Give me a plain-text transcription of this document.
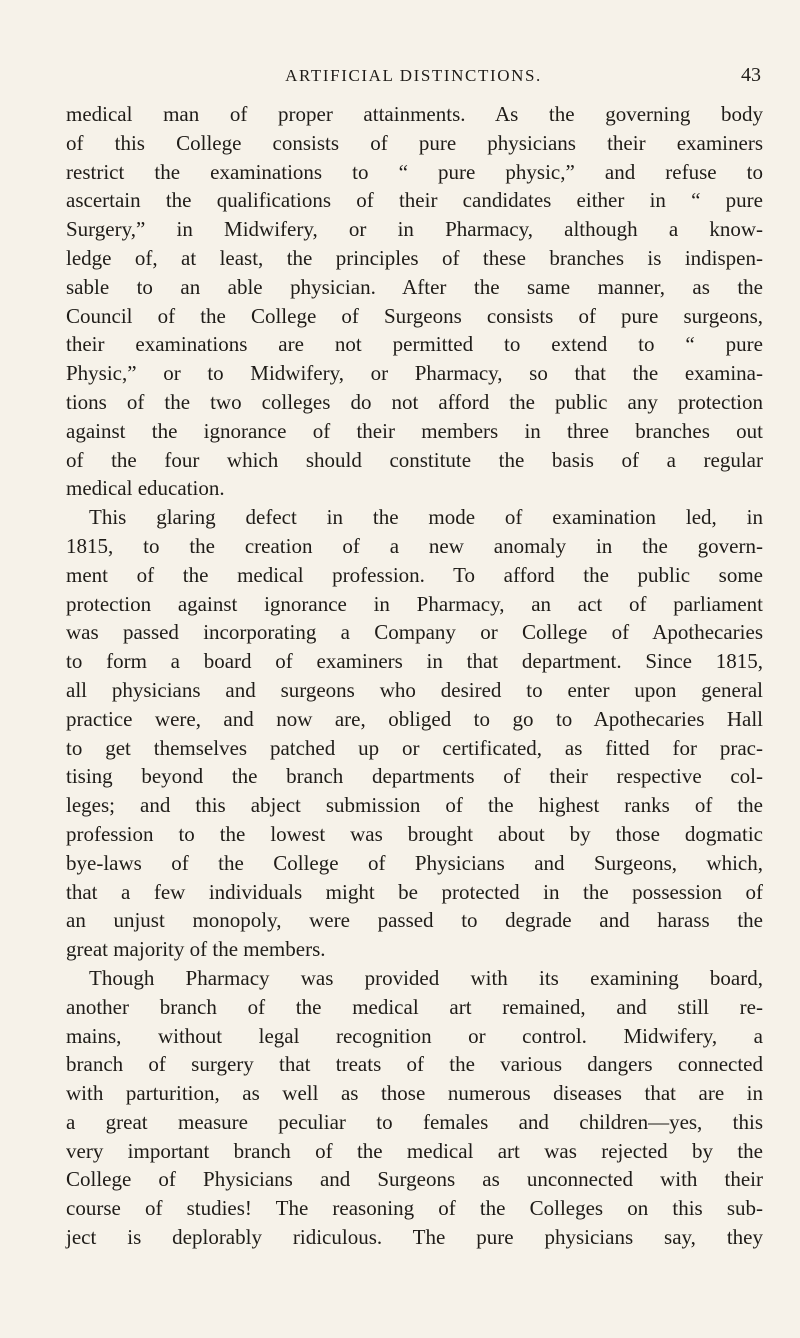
ARTIFICIAL DISTINCTIONS.	43
medical man of proper attainments. As the governing body
of this College consists of pure physicians their examiners
restrict the examinations to “ pure physic,” and refuse to
ascertain the qualifications of their candidates either in “ pure
Surgery,” in Midwifery, or in Pharmacy, although a know-
ledge of, at least, the principles of these branches is indispen-
sable to an able physician. After the same manner, as the
Council of the College of Surgeons consists of pure surgeons,
their examinations are not permitted to extend to “ pure
Physic,” or to Midwifery, or Pharmacy, so that the examina-
tions of the two colleges do not afford the public any protection
against the ignorance of their members in three branches out
of the four which should constitute the basis of a regular
medical education.
This glaring defect in the mode of examination led, in
1815, to the creation of a new anomaly in the govern-
ment of the medical profession. To afford the public some
protection against ignorance in Pharmacy, an act of parliament
was passed incorporating a Company or College of Apothecaries
to form a board of examiners in that department. Since 1815,
all physicians and surgeons who desired to enter upon general
practice were, and now are, obliged to go to Apothecaries Hall
to get themselves patched up or certificated, as fitted for prac-
tising beyond the branch departments of their respective col-
leges; and this abject submission of the highest ranks of the
profession to the lowest was brought about by those dogmatic
bye-laws of the College of Physicians and Surgeons, which,
that a few individuals might be protected in the possession of
an unjust monopoly, were passed to degrade and harass the
great majority of the members.
Though Pharmacy was provided with its examining board,
another branch of the medical art remained, and still re-
mains, without legal recognition or control. Midwifery, a
branch of surgery that treats of the various dangers connected
with parturition, as well as those numerous diseases that are in
a great measure peculiar to females and children—yes, this
very important branch of the medical art was rejected by the
College of Physicians and Surgeons as unconnected with their
course of studies! The reasoning of the Colleges on this sub-
ject is deplorably ridiculous. The pure physicians say, they
